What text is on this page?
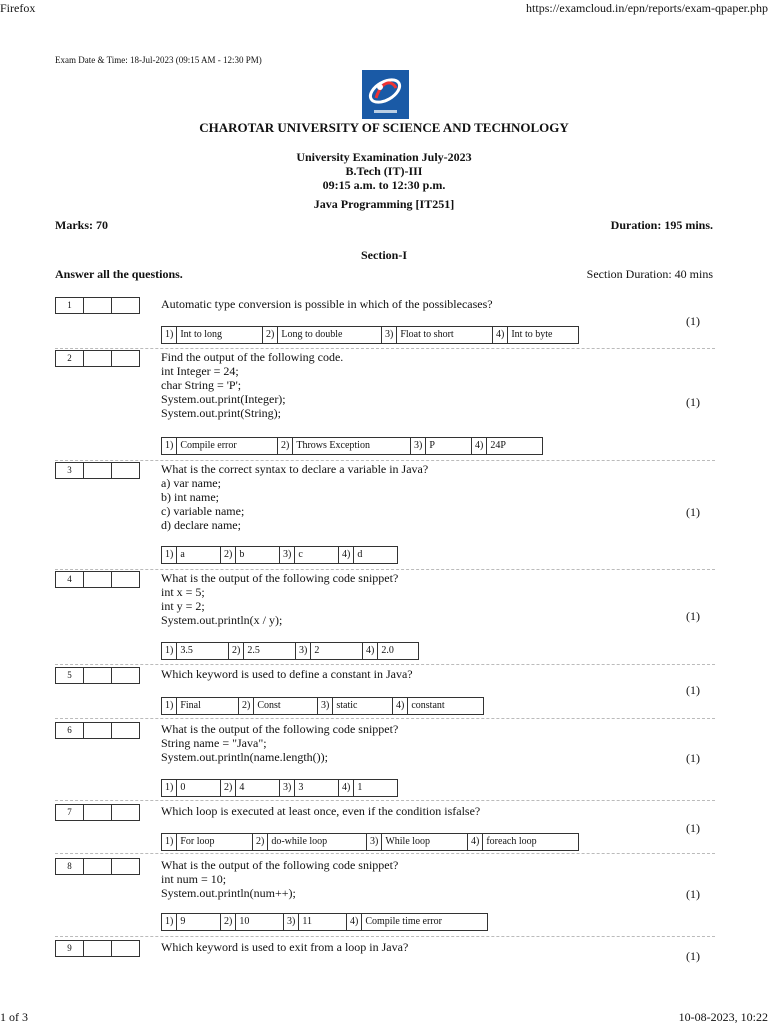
Firefox	https://examcloud.in/epn/reports/exam-qpaper.php
Exam Date & Time: 18-Jul-2023 (09:15 AM - 12:30 PM)
CHAROTAR UNIVERSITY OF SCIENCE AND TECHNOLOGY
University Examination July-2023
B.Tech (IT)-III
09:15 a.m. to 12:30 p.m.
Java Programming [IT251]
Marks: 70	Duration: 195 mins.
Section-I
Answer all the questions.	Section Duration: 40 mins
1	Automatic type conversion is possible in which of the possiblecases?
(1)
1) Int to long	2) Long to double	3) Float to short	4) Int to byte
2	Find the output of the following code.
int Integer = 24;
char String = 'P';
System.out.print(Integer);
System.out.print(String);
(1)
1) Compile error	2) Throws Exception	3) P	4) 24P
3	What is the correct syntax to declare a variable in Java?
a) var name;
b) int name;
c) variable name;
d) declare name;
(1)
1) a	2) b	3) c	4) d
4	What is the output of the following code snippet?
int x = 5;
int y = 2;
System.out.println(x / y);	(1)
1) 3.5	2) 2.5	3) 2	4) 2.0
5	Which keyword is used to define a constant in Java?
(1)
1) Final	2) Const	3) static	4) constant
6	What is the output of the following code snippet?
String name = "Java";
System.out.println(name.length());	(1)
1) 0	2) 4	3) 3	4) 1
7	Which loop is executed at least once, even if the condition isfalse?
(1)
1) For loop	2) do-while loop	3) While loop	4) foreach loop
8	What is the output of the following code snippet?
int num = 10;
System.out.println(num++);	(1)
1) 9	2) 10	3) 11	4) Compile time error
9	Which keyword is used to exit from a loop in Java?
(1)
1 of 3	10-08-2023, 10:22
